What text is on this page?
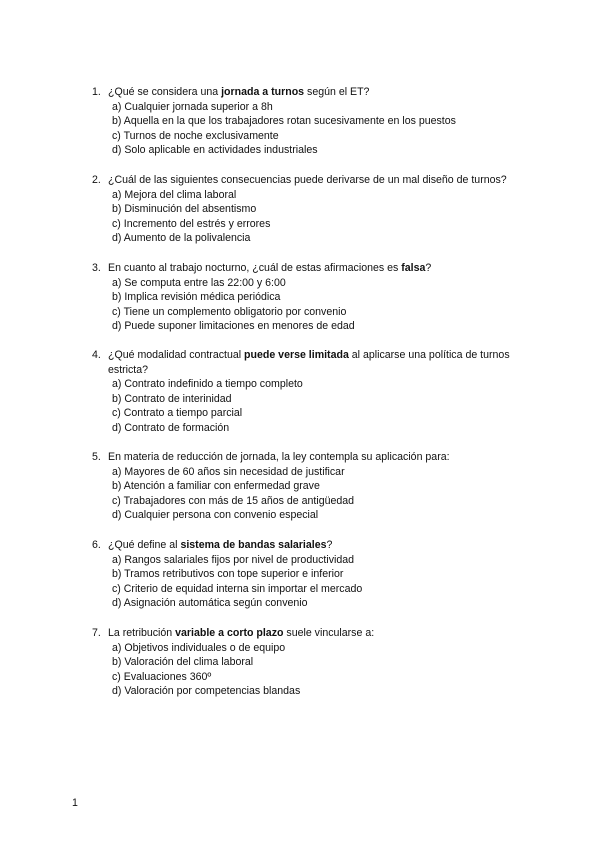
1. ¿Qué se considera una jornada a turnos según el ET?
a) Cualquier jornada superior a 8h
b) Aquella en la que los trabajadores rotan sucesivamente en los puestos
c) Turnos de noche exclusivamente
d) Solo aplicable en actividades industriales
2. ¿Cuál de las siguientes consecuencias puede derivarse de un mal diseño de turnos?
a) Mejora del clima laboral
b) Disminución del absentismo
c) Incremento del estrés y errores
d) Aumento de la polivalencia
3. En cuanto al trabajo nocturno, ¿cuál de estas afirmaciones es falsa?
a) Se computa entre las 22:00 y 6:00
b) Implica revisión médica periódica
c) Tiene un complemento obligatorio por convenio
d) Puede suponer limitaciones en menores de edad
4. ¿Qué modalidad contractual puede verse limitada al aplicarse una política de turnos estricta?
a) Contrato indefinido a tiempo completo
b) Contrato de interinidad
c) Contrato a tiempo parcial
d) Contrato de formación
5. En materia de reducción de jornada, la ley contempla su aplicación para:
a) Mayores de 60 años sin necesidad de justificar
b) Atención a familiar con enfermedad grave
c) Trabajadores con más de 15 años de antigüedad
d) Cualquier persona con convenio especial
6. ¿Qué define al sistema de bandas salariales?
a) Rangos salariales fijos por nivel de productividad
b) Tramos retributivos con tope superior e inferior
c) Criterio de equidad interna sin importar el mercado
d) Asignación automática según convenio
7. La retribución variable a corto plazo suele vincularse a:
a) Objetivos individuales o de equipo
b) Valoración del clima laboral
c) Evaluaciones 360º
d) Valoración por competencias blandas
1
